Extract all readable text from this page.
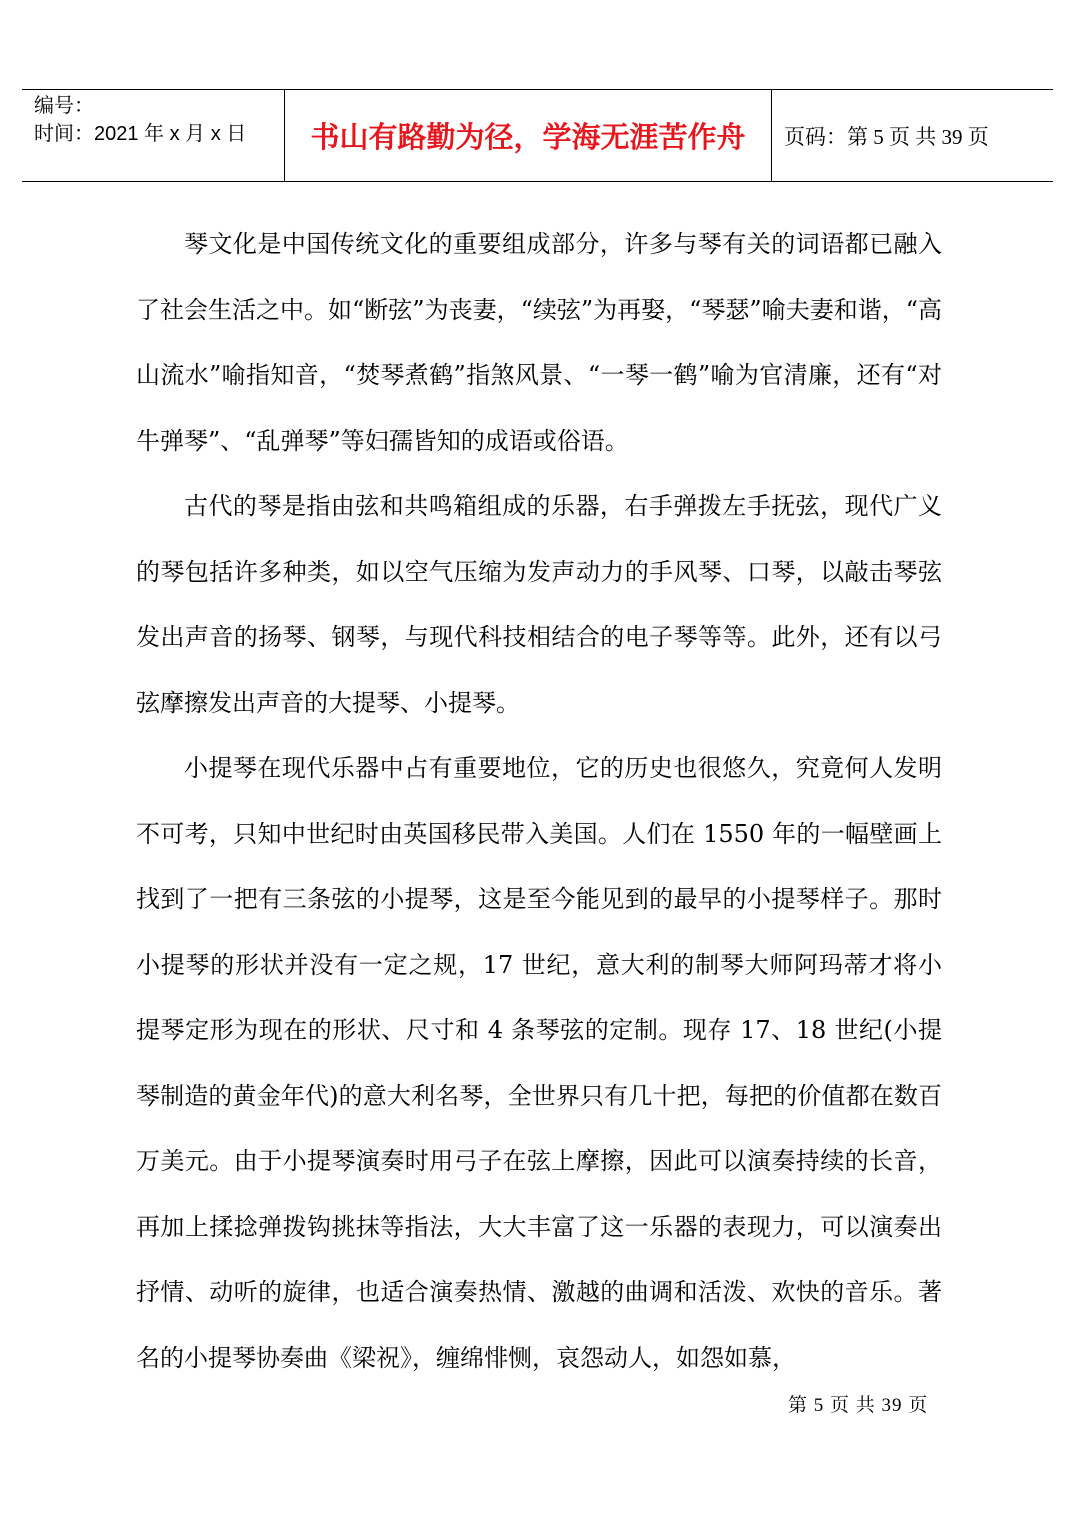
编号：
时间：2021 年 x 月 x 日 书山有路勤为径，学海无涯苦作舟	页码：第 5 页 共 39 页

琴文化是中国传统文化的重要组成部分，许多与琴有关的词语都已融入了社会生活之中。如“断弦”为丧妻，“续弦”为再娶，“琴瑟”喻夫妻和谐，“高山流水”喻指知音，“焚琴煮鹤”指煞风景、“一琴一鹤”喻为官清廉，还有“对牛弹琴”、“乱弹琴”等妇孺皆知的成语或俗语。

古代的琴是指由弦和共鸣箱组成的乐器，右手弹拨左手抚弦，现代广义的琴包括许多种类，如以空气压缩为发声动力的手风琴、口琴，以敲击琴弦发出声音的扬琴、钢琴，与现代科技相结合的电子琴等等。此外，还有以弓弦摩擦发出声音的大提琴、小提琴。

小提琴在现代乐器中占有重要地位，它的历史也很悠久，究竟何人发明不可考，只知中世纪时由英国移民带入美国。人们在 1550 年的一幅壁画上找到了一把有三条弦的小提琴，这是至今能见到的最早的小提琴样子。那时小提琴的形状并没有一定之规，17 世纪，意大利的制琴大师阿玛蒂才将小提琴定形为现在的形状、尺寸和 4 条琴弦的定制。现存 17、18 世纪(小提琴制造的黄金年代)的意大利名琴，全世界只有几十把，每把的价值都在数百万美元。由于小提琴演奏时用弓子在弦上摩擦，因此可以演奏持续的长音，再加上揉捻弹拨钩挑抹等指法，大大丰富了这一乐器的表现力，可以演奏出抒情、动听的旋律，也适合演奏热情、激越的曲调和活泼、欢快的音乐。著名的小提琴协奏曲《梁祝》，缠绵悱恻，哀怨动人，如怨如慕，

第 5 页 共 39 页
